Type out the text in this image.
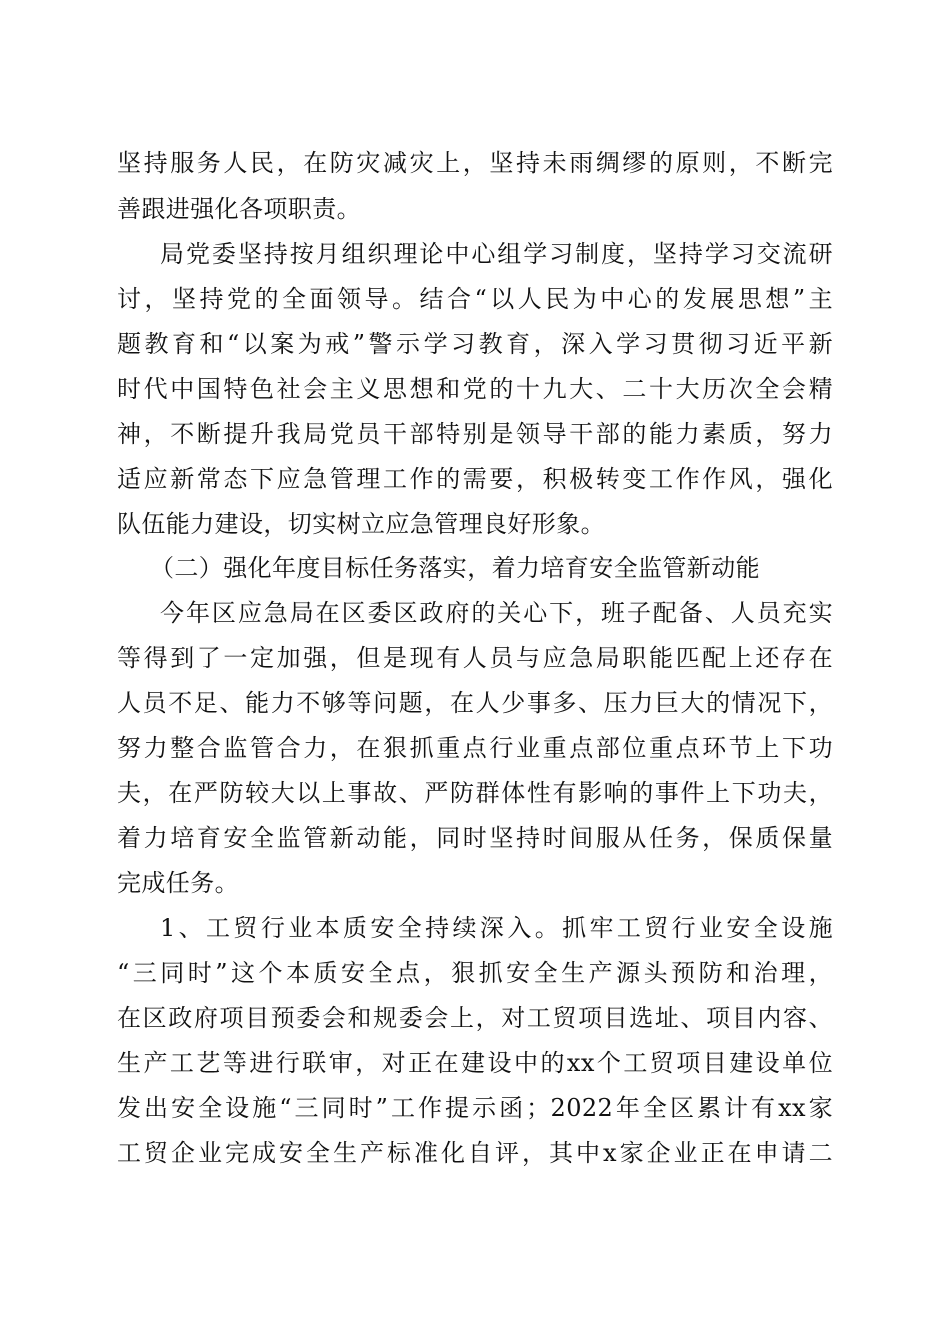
坚持服务人民，在防灾减灾上，坚持未雨绸缪的原则，不断完
善跟进强化各项职责。
局党委坚持按月组织理论中心组学习制度，坚持学习交流研
讨，坚持党的全面领导。结合“以人民为中心的发展思想”主
题教育和“以案为戒”警示学习教育，深入学习贯彻习近平新
时代中国特色社会主义思想和党的十九大、二十大历次全会精
神，不断提升我局党员干部特别是领导干部的能力素质，努力
适应新常态下应急管理工作的需要，积极转变工作作风，强化
队伍能力建设，切实树立应急管理良好形象。
（二）强化年度目标任务落实，着力培育安全监管新动能
今年区应急局在区委区政府的关心下，班子配备、人员充实
等得到了一定加强，但是现有人员与应急局职能匹配上还存在
人员不足、能力不够等问题，在人少事多、压力巨大的情况下，
努力整合监管合力，在狠抓重点行业重点部位重点环节上下功
夫，在严防较大以上事故、严防群体性有影响的事件上下功夫，
着力培育安全监管新动能，同时坚持时间服从任务，保质保量
完成任务。
1、工贸行业本质安全持续深入。抓牢工贸行业安全设施
“三同时”这个本质安全点，狠抓安全生产源头预防和治理，
在区政府项目预委会和规委会上，对工贸项目选址、项目内容、
生产工艺等进行联审，对正在建设中的xx个工贸项目建设单位
发出安全设施“三同时”工作提示函；2022年全区累计有xx家
工贸企业完成安全生产标准化自评，其中x家企业正在申请二
